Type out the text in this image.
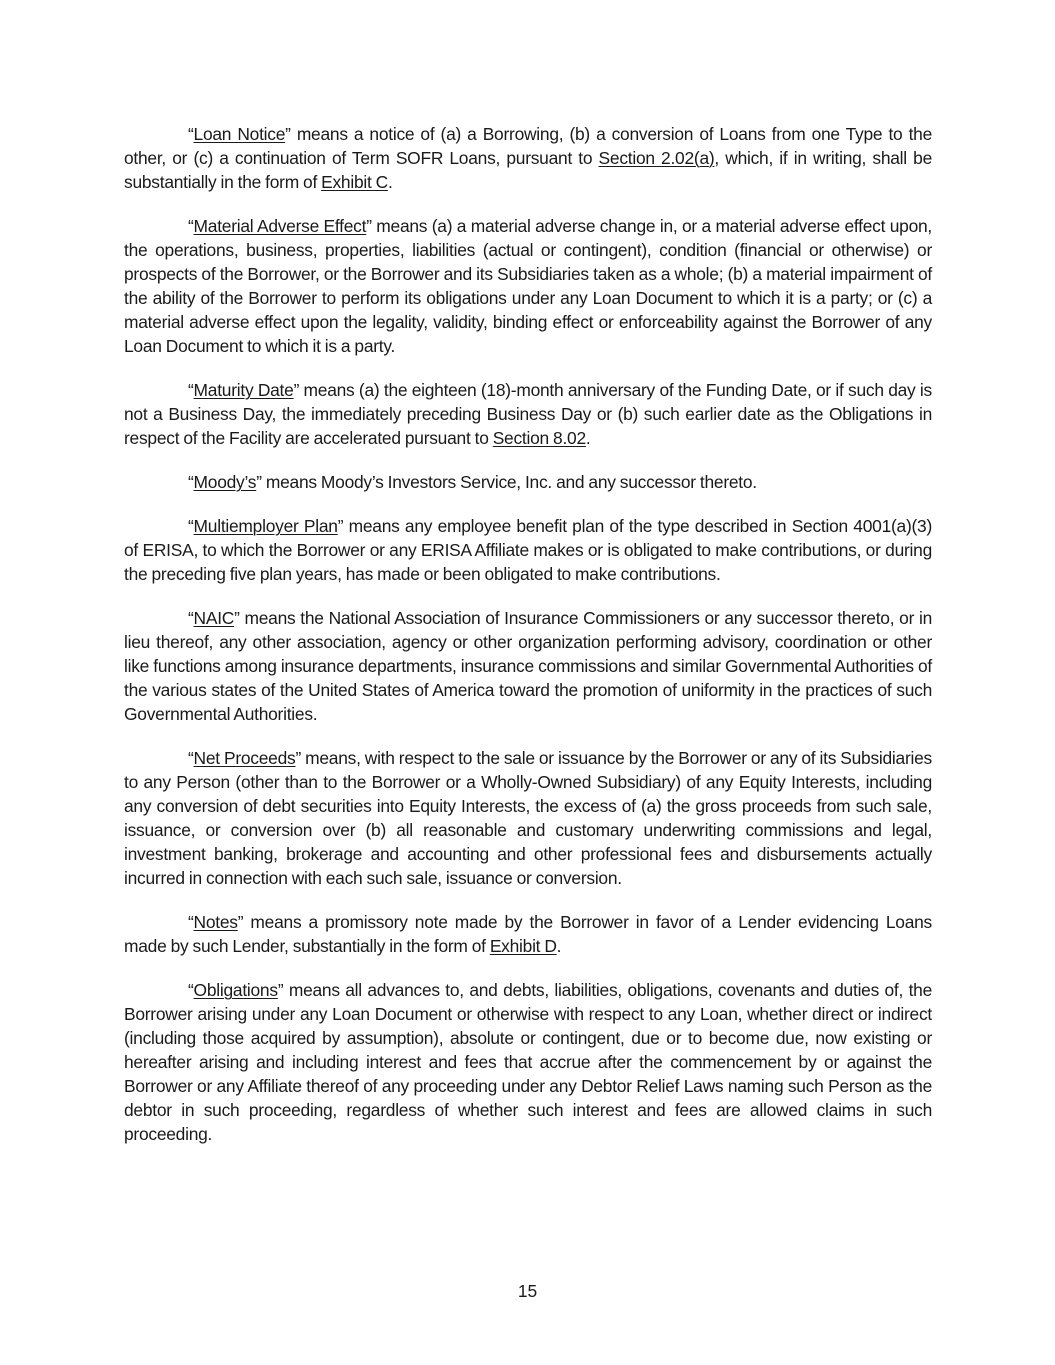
“Loan Notice” means a notice of (a) a Borrowing, (b) a conversion of Loans from one Type to the other, or (c) a continuation of Term SOFR Loans, pursuant to Section 2.02(a), which, if in writing, shall be substantially in the form of Exhibit C.

“Material Adverse Effect” means (a) a material adverse change in, or a material adverse effect upon, the operations, business, properties, liabilities (actual or contingent), condition (financial or otherwise) or prospects of the Borrower, or the Borrower and its Subsidiaries taken as a whole; (b) a material impairment of the ability of the Borrower to perform its obligations under any Loan Document to which it is a party; or (c) a material adverse effect upon the legality, validity, binding effect or enforceability against the Borrower of any Loan Document to which it is a party.

“Maturity Date” means (a) the eighteen (18)-month anniversary of the Funding Date, or if such day is not a Business Day, the immediately preceding Business Day or (b) such earlier date as the Obligations in respect of the Facility are accelerated pursuant to Section 8.02.

“Moody’s” means Moody’s Investors Service, Inc. and any successor thereto.

“Multiemployer Plan” means any employee benefit plan of the type described in Section 4001(a)(3) of ERISA, to which the Borrower or any ERISA Affiliate makes or is obligated to make contributions, or during the preceding five plan years, has made or been obligated to make contributions.

“NAIC” means the National Association of Insurance Commissioners or any successor thereto, or in lieu thereof, any other association, agency or other organization performing advisory, coordination or other like functions among insurance departments, insurance commissions and similar Governmental Authorities of the various states of the United States of America toward the promotion of uniformity in the practices of such Governmental Authorities.

“Net Proceeds” means, with respect to the sale or issuance by the Borrower or any of its Subsidiaries to any Person (other than to the Borrower or a Wholly-Owned Subsidiary) of any Equity Interests, including any conversion of debt securities into Equity Interests, the excess of (a) the gross proceeds from such sale, issuance, or conversion over (b) all reasonable and customary underwriting commissions and legal, investment banking, brokerage and accounting and other professional fees and disbursements actually incurred in connection with each such sale, issuance or conversion.

“Notes” means a promissory note made by the Borrower in favor of a Lender evidencing Loans made by such Lender, substantially in the form of Exhibit D.

“Obligations” means all advances to, and debts, liabilities, obligations, covenants and duties of, the Borrower arising under any Loan Document or otherwise with respect to any Loan, whether direct or indirect (including those acquired by assumption), absolute or contingent, due or to become due, now existing or hereafter arising and including interest and fees that accrue after the commencement by or against the Borrower or any Affiliate thereof of any proceeding under any Debtor Relief Laws naming such Person as the debtor in such proceeding, regardless of whether such interest and fees are allowed claims in such proceeding.

15
